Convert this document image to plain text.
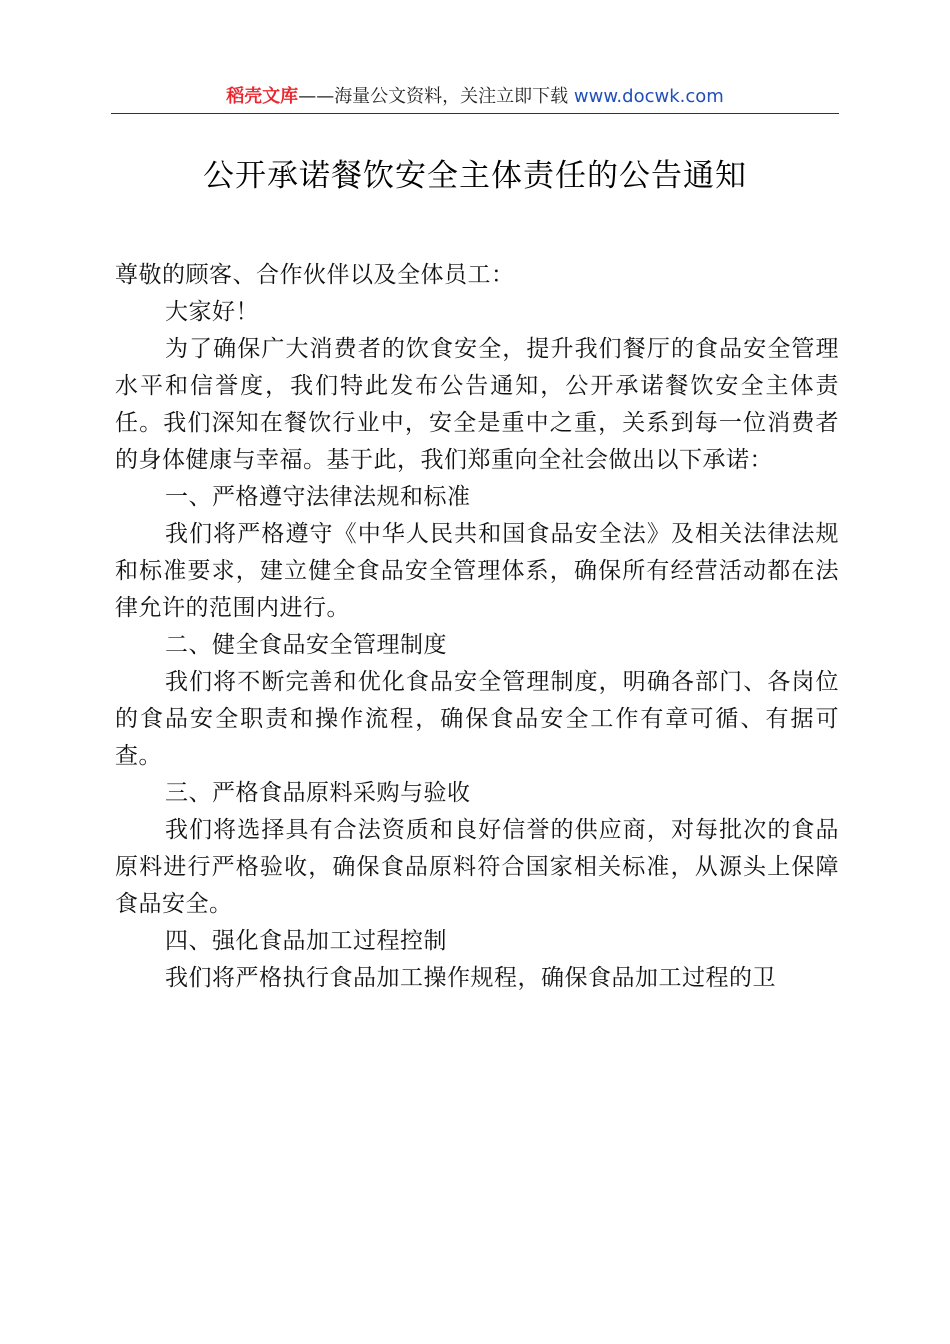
稻壳文库——海量公文资料，关注立即下载 www.docwk.com
公开承诺餐饮安全主体责任的公告通知

尊敬的顾客、合作伙伴以及全体员工：

大家好！

为了确保广大消费者的饮食安全，提升我们餐厅的食品安全管理水平和信誉度，我们特此发布公告通知，公开承诺餐饮安全主体责任。我们深知在餐饮行业中，安全是重中之重，关系到每一位消费者的身体健康与幸福。基于此，我们郑重向全社会做出以下承诺：

一、严格遵守法律法规和标准

我们将严格遵守《中华人民共和国食品安全法》及相关法律法规和标准要求，建立健全食品安全管理体系，确保所有经营活动都在法律允许的范围内进行。

二、健全食品安全管理制度

我们将不断完善和优化食品安全管理制度，明确各部门、各岗位的食品安全职责和操作流程，确保食品安全工作有章可循、有据可查。

三、严格食品原料采购与验收

我们将选择具有合法资质和良好信誉的供应商，对每批次的食品原料进行严格验收，确保食品原料符合国家相关标准，从源头上保障食品安全。

四、强化食品加工过程控制

我们将严格执行食品加工操作规程，确保食品加工过程的卫
